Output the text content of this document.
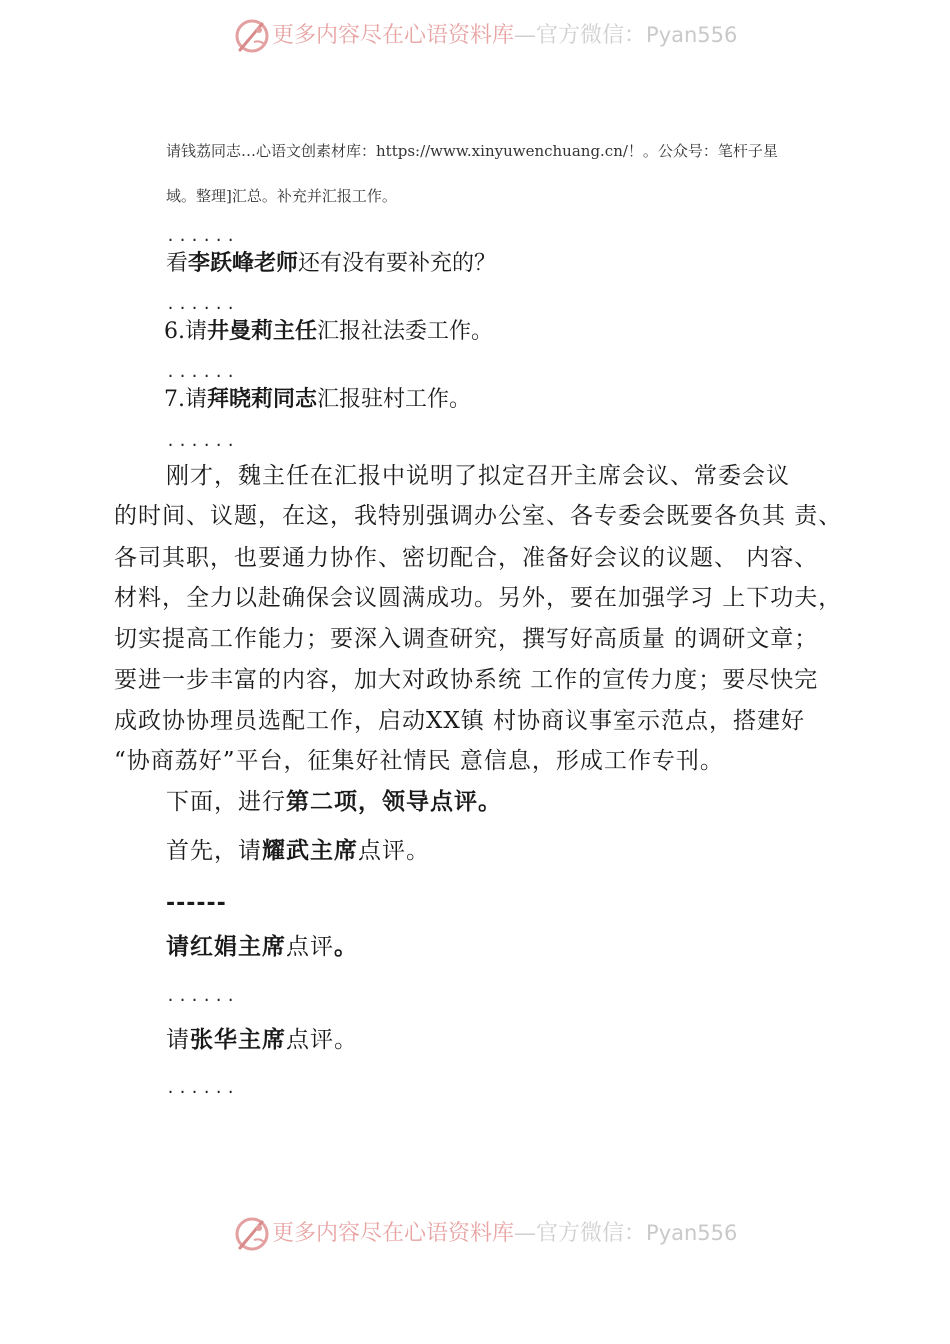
更多内容尽在心语资料库—官方微信：Pyan556
请钱荔同志…心语文创素材库：https://www.xinyuwenchuang.cn/！。公众号：笔杆子星
域。整理]汇总。补充并汇报工作。
......
看李跃峰老师还有没有要补充的？
......
6.请井曼莉主任汇报社法委工作。
......
7.请拜晓莉同志汇报驻村工作。
......
刚才，魏主任在汇报中说明了拟定召开主席会议、常委会议
的时间、议题，在这，我特别强调办公室、各专委会既要各负其 责、
各司其职，也要通力协作、密切配合，准备好会议的议题、 内容、
材料，全力以赴确保会议圆满成功。另外，要在加强学习 上下功夫，
切实提高工作能力；要深入调查研究，撰写好高质量 的调研文章；
要进一步丰富的内容，加大对政协系统 工作的宣传力度；要尽快完
成政协协理员选配工作，启动XX镇 村协商议事室示范点，搭建好
“协商荔好”平台，征集好社情民 意信息，形成工作专刊。
下面，进行第二项，领导点评。
首先，请耀武主席点评。
------
请红娟主席点评。
......
请张华主席点评。
......
更多内容尽在心语资料库—官方微信：Pyan556
